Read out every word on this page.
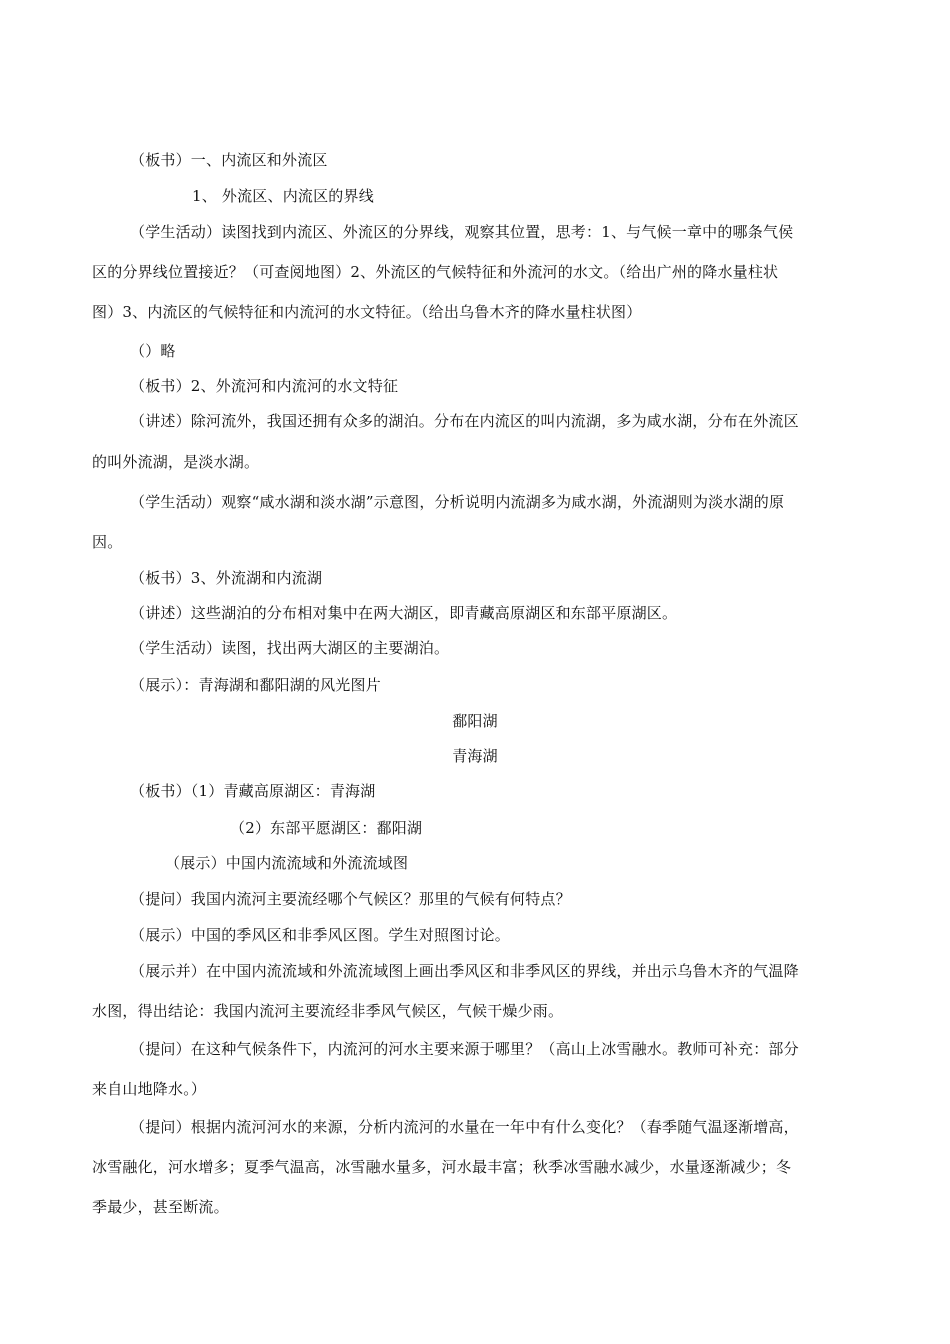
（板书）一、内流区和外流区
1、 外流区、内流区的界线
（学生活动）读图找到内流区、外流区的分界线，观察其位置，思考：1、与气候一章中的哪条气侯
区的分界线位置接近？（可查阅地图）2、外流区的气候特征和外流河的水文。（给出广州的降水量柱状
图）3、内流区的气候特征和内流河的水文特征。（给出乌鲁木齐的降水量柱状图）
（）略
（板书）2、外流河和内流河的水文特征
（讲述）除河流外，我国还拥有众多的湖泊。分布在内流区的叫内流湖，多为咸水湖，分布在外流区
的叫外流湖，是淡水湖。
（学生活动）观察“咸水湖和淡水湖”示意图，分析说明内流湖多为咸水湖，外流湖则为淡水湖的原
因。
（板书）3、外流湖和内流湖
（讲述）这些湖泊的分布相对集中在两大湖区，即青藏高原湖区和东部平原湖区。
（学生活动）读图，找出两大湖区的主要湖泊。
（展示）：青海湖和鄱阳湖的风光图片
鄱阳湖
青海湖
（板书）（1）青藏高原湖区：青海湖
（2）东部平愿湖区：鄱阳湖
（展示）中国内流流域和外流流域图
（提问）我国内流河主要流经哪个气候区？那里的气候有何特点？
（展示）中国的季风区和非季风区图。学生对照图讨论。
（展示并）在中国内流流域和外流流域图上画出季风区和非季风区的界线，并出示乌鲁木齐的气温降
水图，得出结论：我国内流河主要流经非季风气候区，气候干燥少雨。
（提问）在这种气候条件下，内流河的河水主要来源于哪里？（高山上冰雪融水。教师可补充：部分
来自山地降水。）
（提问）根据内流河河水的来源，分析内流河的水量在一年中有什么变化？（春季随气温逐渐增高，
冰雪融化，河水增多；夏季气温高，冰雪融水量多，河水最丰富；秋季冰雪融水减少，水量逐渐减少；冬
季最少，甚至断流。
